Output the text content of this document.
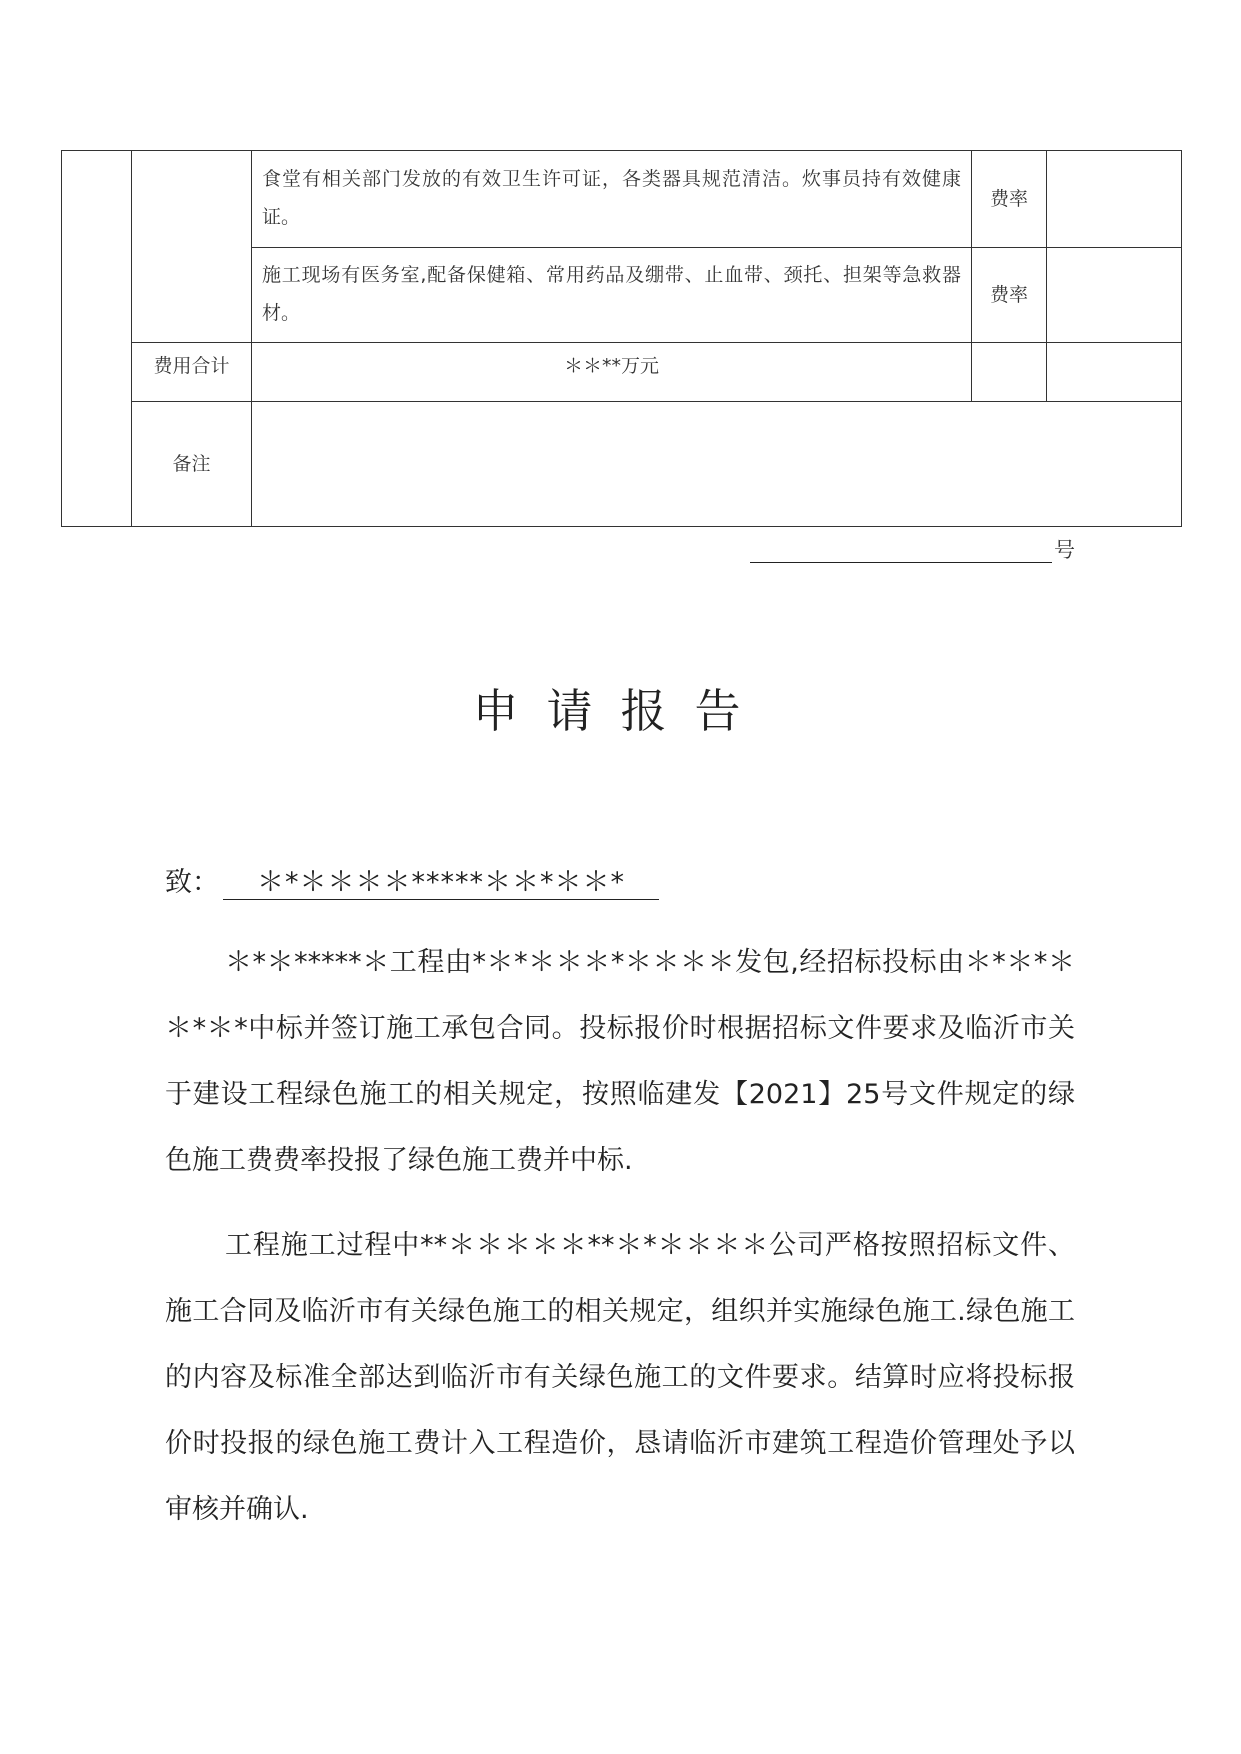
		食堂有相关部门发放的有效卫生许可证，各类器具规范清洁。炊事员持有效健康证。	费率	
		施工现场有医务室,配备保健箱、常用药品及绷带、止血带、颈托、担架等急救器材。	费率	
	费用合计	＊＊**万元		
	备注			
号
申请报告
致： ＊*＊＊＊＊*****＊＊*＊＊*

＊*＊*****＊工程由*＊*＊＊＊*＊＊＊＊发包,经招标投标由＊*＊*＊＊*＊*中标并签订施工承包合同。投标报价时根据招标文件要求及临沂市关于建设工程绿色施工的相关规定，按照临建发【2021】25号文件规定的绿色施工费费率投报了绿色施工费并中标.

工程施工过程中**＊＊＊＊＊**＊*＊＊＊＊公司严格按照招标文件、施工合同及临沂市有关绿色施工的相关规定，组织并实施绿色施工.绿色施工的内容及标准全部达到临沂市有关绿色施工的文件要求。结算时应将投标报价时投报的绿色施工费计入工程造价，恳请临沂市建筑工程造价管理处予以审核并确认.
